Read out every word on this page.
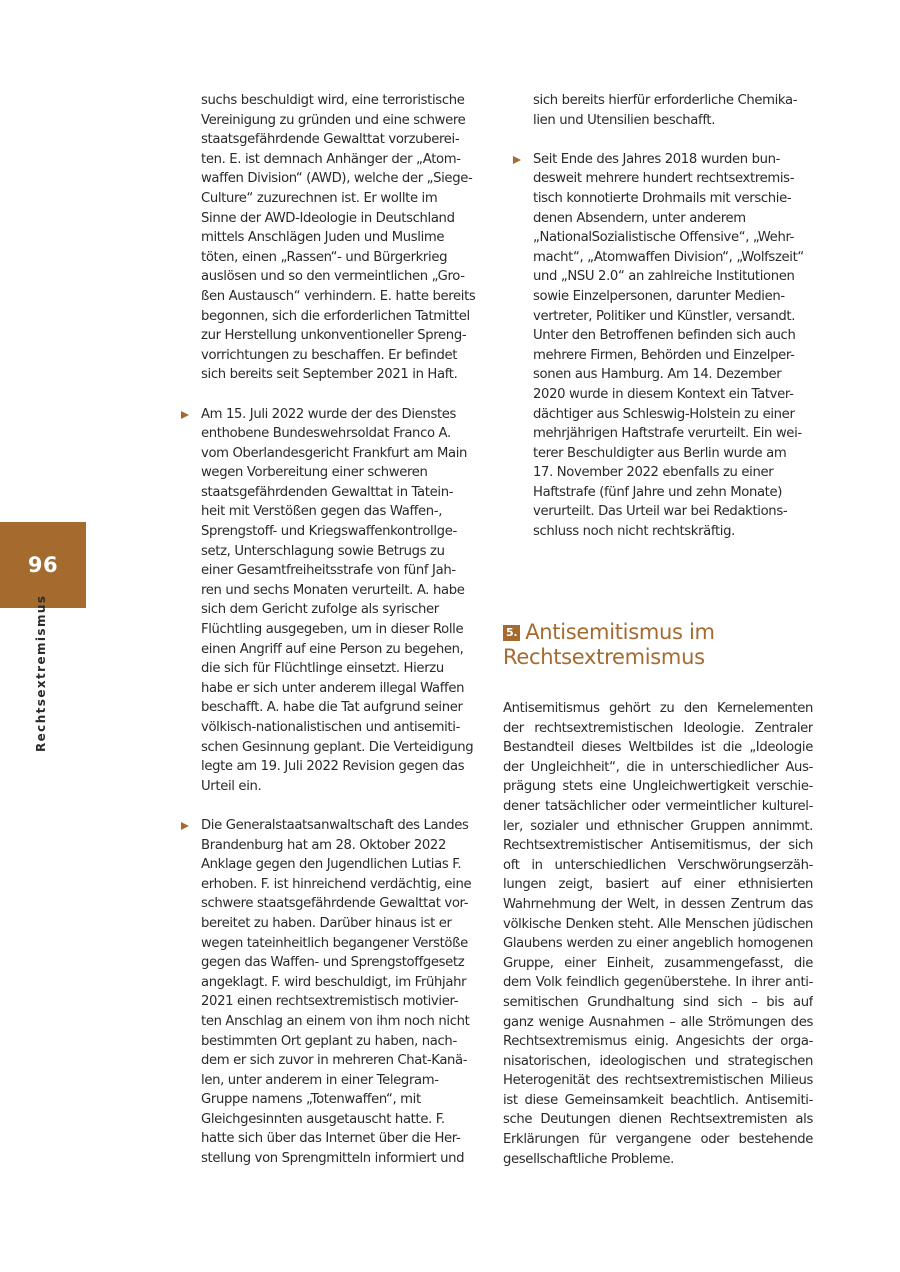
96
Rechtsextremismus
suchs beschuldigt wird, eine terroristische
Vereinigung zu gründen und eine schwere
staatsgefährdende Gewalttat vorzuberei-
ten. E. ist demnach Anhänger der „Atom-
waffen Division“ (AWD), welche der „Siege-
Culture“ zuzurechnen ist. Er wollte im
Sinne der AWD-Ideologie in Deutschland
mittels Anschlägen Juden und Muslime
töten, einen „Rassen“- und Bürgerkrieg
auslösen und so den vermeintlichen „Gro-
ßen Austausch“ verhindern. E. hatte bereits
begonnen, sich die erforderlichen Tatmittel
zur Herstellung unkonventioneller Spreng-
vorrichtungen zu beschaffen. Er befindet
sich bereits seit September 2021 in Haft.
Am 15. Juli 2022 wurde der des Dienstes
enthobene Bundeswehrsoldat Franco A.
vom Oberlandesgericht Frankfurt am Main
wegen Vorbereitung einer schweren
staatsgefährdenden Gewalttat in Tatein-
heit mit Verstößen gegen das Waffen-,
Sprengstoff- und Kriegswaffenkontrollge-
setz, Unterschlagung sowie Betrugs zu
einer Gesamtfreiheitsstrafe von fünf Jah-
ren und sechs Monaten verurteilt. A. habe
sich dem Gericht zufolge als syrischer
Flüchtling ausgegeben, um in dieser Rolle
einen Angriff auf eine Person zu begehen,
die sich für Flüchtlinge einsetzt. Hierzu
habe er sich unter anderem illegal Waffen
beschafft. A. habe die Tat aufgrund seiner
völkisch-nationalistischen und antisemiti-
schen Gesinnung geplant. Die Verteidigung
legte am 19. Juli 2022 Revision gegen das
Urteil ein.
Die Generalstaatsanwaltschaft des Landes
Brandenburg hat am 28. Oktober 2022
Anklage gegen den Jugendlichen Lutias F.
erhoben. F. ist hinreichend verdächtig, eine
schwere staatsgefährdende Gewalttat vor-
bereitet zu haben. Darüber hinaus ist er
wegen tateinheitlich begangener Verstöße
gegen das Waffen- und Sprengstoffgesetz
angeklagt. F. wird beschuldigt, im Frühjahr
2021 einen rechtsextremistisch motivier-
ten Anschlag an einem von ihm noch nicht
bestimmten Ort geplant zu haben, nach-
dem er sich zuvor in mehreren Chat-Kanä-
len, unter anderem in einer Telegram-
Gruppe namens „Totenwaffen“, mit
Gleichgesinnten ausgetauscht hatte. F.
hatte sich über das Internet über die Her-
stellung von Sprengmitteln informiert und
sich bereits hierfür erforderliche Chemika-
lien und Utensilien beschafft.
Seit Ende des Jahres 2018 wurden bun-
desweit mehrere hundert rechtsextremis-
tisch konnotierte Drohmails mit verschie-
denen Absendern, unter anderem
„NationalSozialistische Offensive“, „Wehr-
macht“, „Atomwaffen Division“, „Wolfszeit“
und „NSU 2.0“ an zahlreiche Institutionen
sowie Einzelpersonen, darunter Medien-
vertreter, Politiker und Künstler, versandt.
Unter den Betroffenen befinden sich auch
mehrere Firmen, Behörden und Einzelper-
sonen aus Hamburg. Am 14. Dezember
2020 wurde in diesem Kontext ein Tatver-
dächtiger aus Schleswig-Holstein zu einer
mehrjährigen Haftstrafe verurteilt. Ein wei-
terer Beschuldigter aus Berlin wurde am
17. November 2022 ebenfalls zu einer
Haftstrafe (fünf Jahre und zehn Monate)
verurteilt. Das Urteil war bei Redaktions-
schluss noch nicht rechtskräftig.
5. Antisemitismus im
Rechtsextremismus
Antisemitismus gehört zu den Kernelementen
der rechtsextremistischen Ideologie. Zentraler
Bestandteil dieses Weltbildes ist die „Ideologie
der Ungleichheit“, die in unterschiedlicher Aus-
prägung stets eine Ungleichwertigkeit verschie-
dener tatsächlicher oder vermeintlicher kulturel-
ler, sozialer und ethnischer Gruppen annimmt.
Rechtsextremistischer Antisemitismus, der sich
oft in unterschiedlichen Verschwörungserzäh-
lungen zeigt, basiert auf einer ethnisierten
Wahrnehmung der Welt, in dessen Zentrum das
völkische Denken steht. Alle Menschen jüdischen
Glaubens werden zu einer angeblich homogenen
Gruppe, einer Einheit, zusammengefasst, die
dem Volk feindlich gegenüberstehe. In ihrer anti-
semitischen Grundhaltung sind sich – bis auf
ganz wenige Ausnahmen – alle Strömungen des
Rechtsextremismus einig. Angesichts der orga-
nisatorischen, ideologischen und strategischen
Heterogenität des rechtsextremistischen Milieus
ist diese Gemeinsamkeit beachtlich. Antisemiti-
sche Deutungen dienen Rechtsextremisten als
Erklärungen für vergangene oder bestehende
gesellschaftliche Probleme.
